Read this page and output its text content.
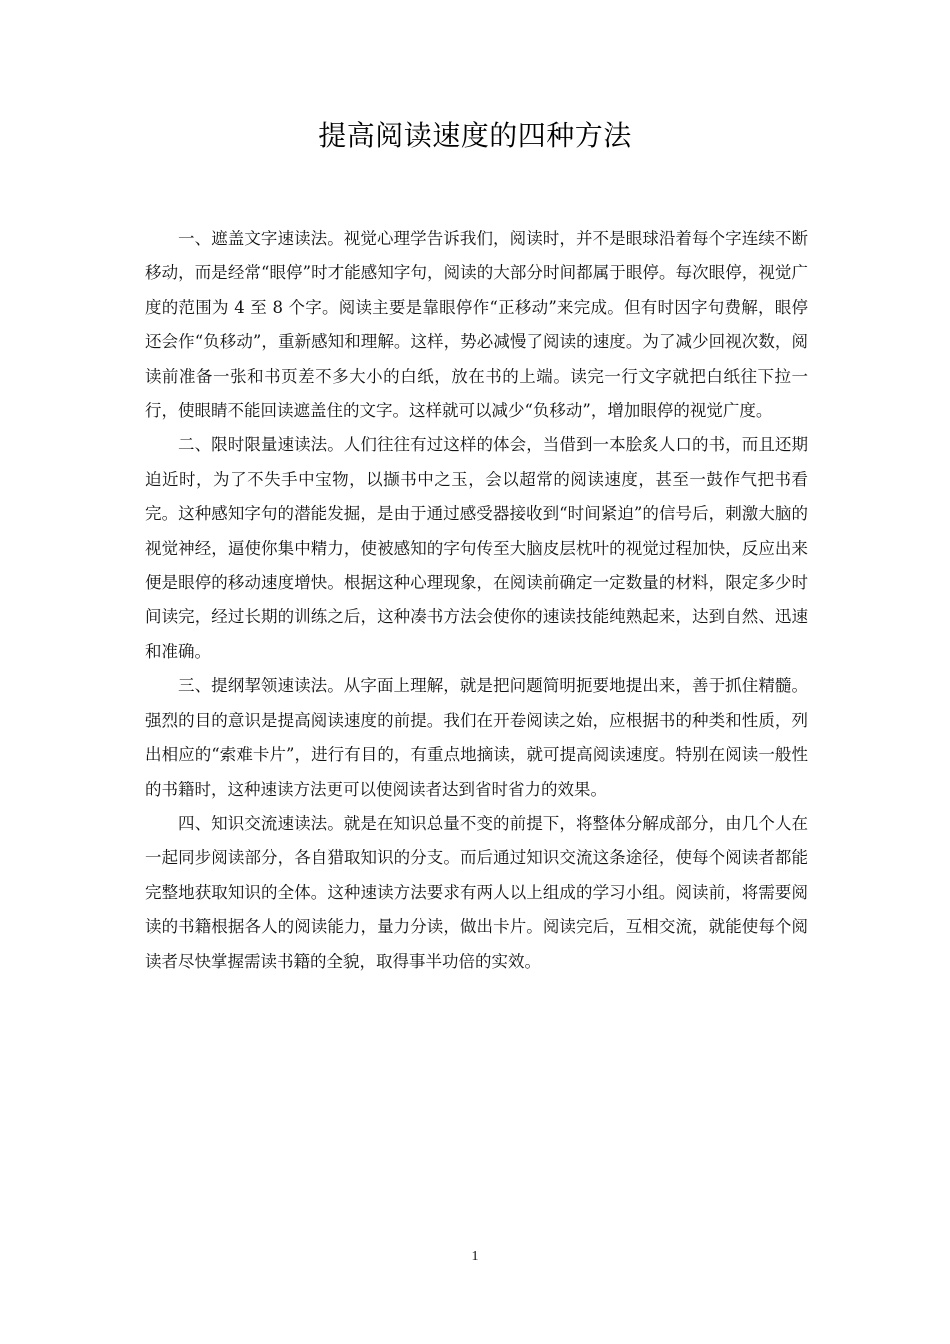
提高阅读速度的四种方法

一、遮盖文字速读法。视觉心理学告诉我们，阅读时，并不是眼球沿着每个字连续不断移动，而是经常“眼停”时才能感知字句，阅读的大部分时间都属于眼停。每次眼停，视觉广度的范围为 4 至 8 个字。阅读主要是靠眼停作“正移动”来完成。但有时因字句费解，眼停还会作“负移动”，重新感知和理解。这样，势必减慢了阅读的速度。为了减少回视次数，阅读前准备一张和书页差不多大小的白纸，放在书的上端。读完一行文字就把白纸往下拉一行，使眼睛不能回读遮盖住的文字。这样就可以减少“负移动”，增加眼停的视觉广度。

二、限时限量速读法。人们往往有过这样的体会，当借到一本脍炙人口的书，而且还期迫近时，为了不失手中宝物，以撷书中之玉，会以超常的阅读速度，甚至一鼓作气把书看完。这种感知字句的潜能发掘，是由于通过感受器接收到“时间紧迫”的信号后，刺激大脑的视觉神经，逼使你集中精力，使被感知的字句传至大脑皮层枕叶的视觉过程加快，反应出来便是眼停的移动速度增快。根据这种心理现象，在阅读前确定一定数量的材料，限定多少时间读完，经过长期的训练之后，这种凑书方法会使你的速读技能纯熟起来，达到自然、迅速和准确。

三、提纲挈领速读法。从字面上理解，就是把问题简明扼要地提出来，善于抓住精髓。强烈的目的意识是提高阅读速度的前提。我们在开卷阅读之始，应根据书的种类和性质，列出相应的“索难卡片”，进行有目的，有重点地摘读，就可提高阅读速度。特别在阅读一般性的书籍时，这种速读方法更可以使阅读者达到省时省力的效果。

四、知识交流速读法。就是在知识总量不变的前提下，将整体分解成部分，由几个人在一起同步阅读部分，各自猎取知识的分支。而后通过知识交流这条途径，使每个阅读者都能完整地获取知识的全体。这种速读方法要求有两人以上组成的学习小组。阅读前，将需要阅读的书籍根据各人的阅读能力，量力分读，做出卡片。阅读完后，互相交流，就能使每个阅读者尽快掌握需读书籍的全貌，取得事半功倍的实效。

1
